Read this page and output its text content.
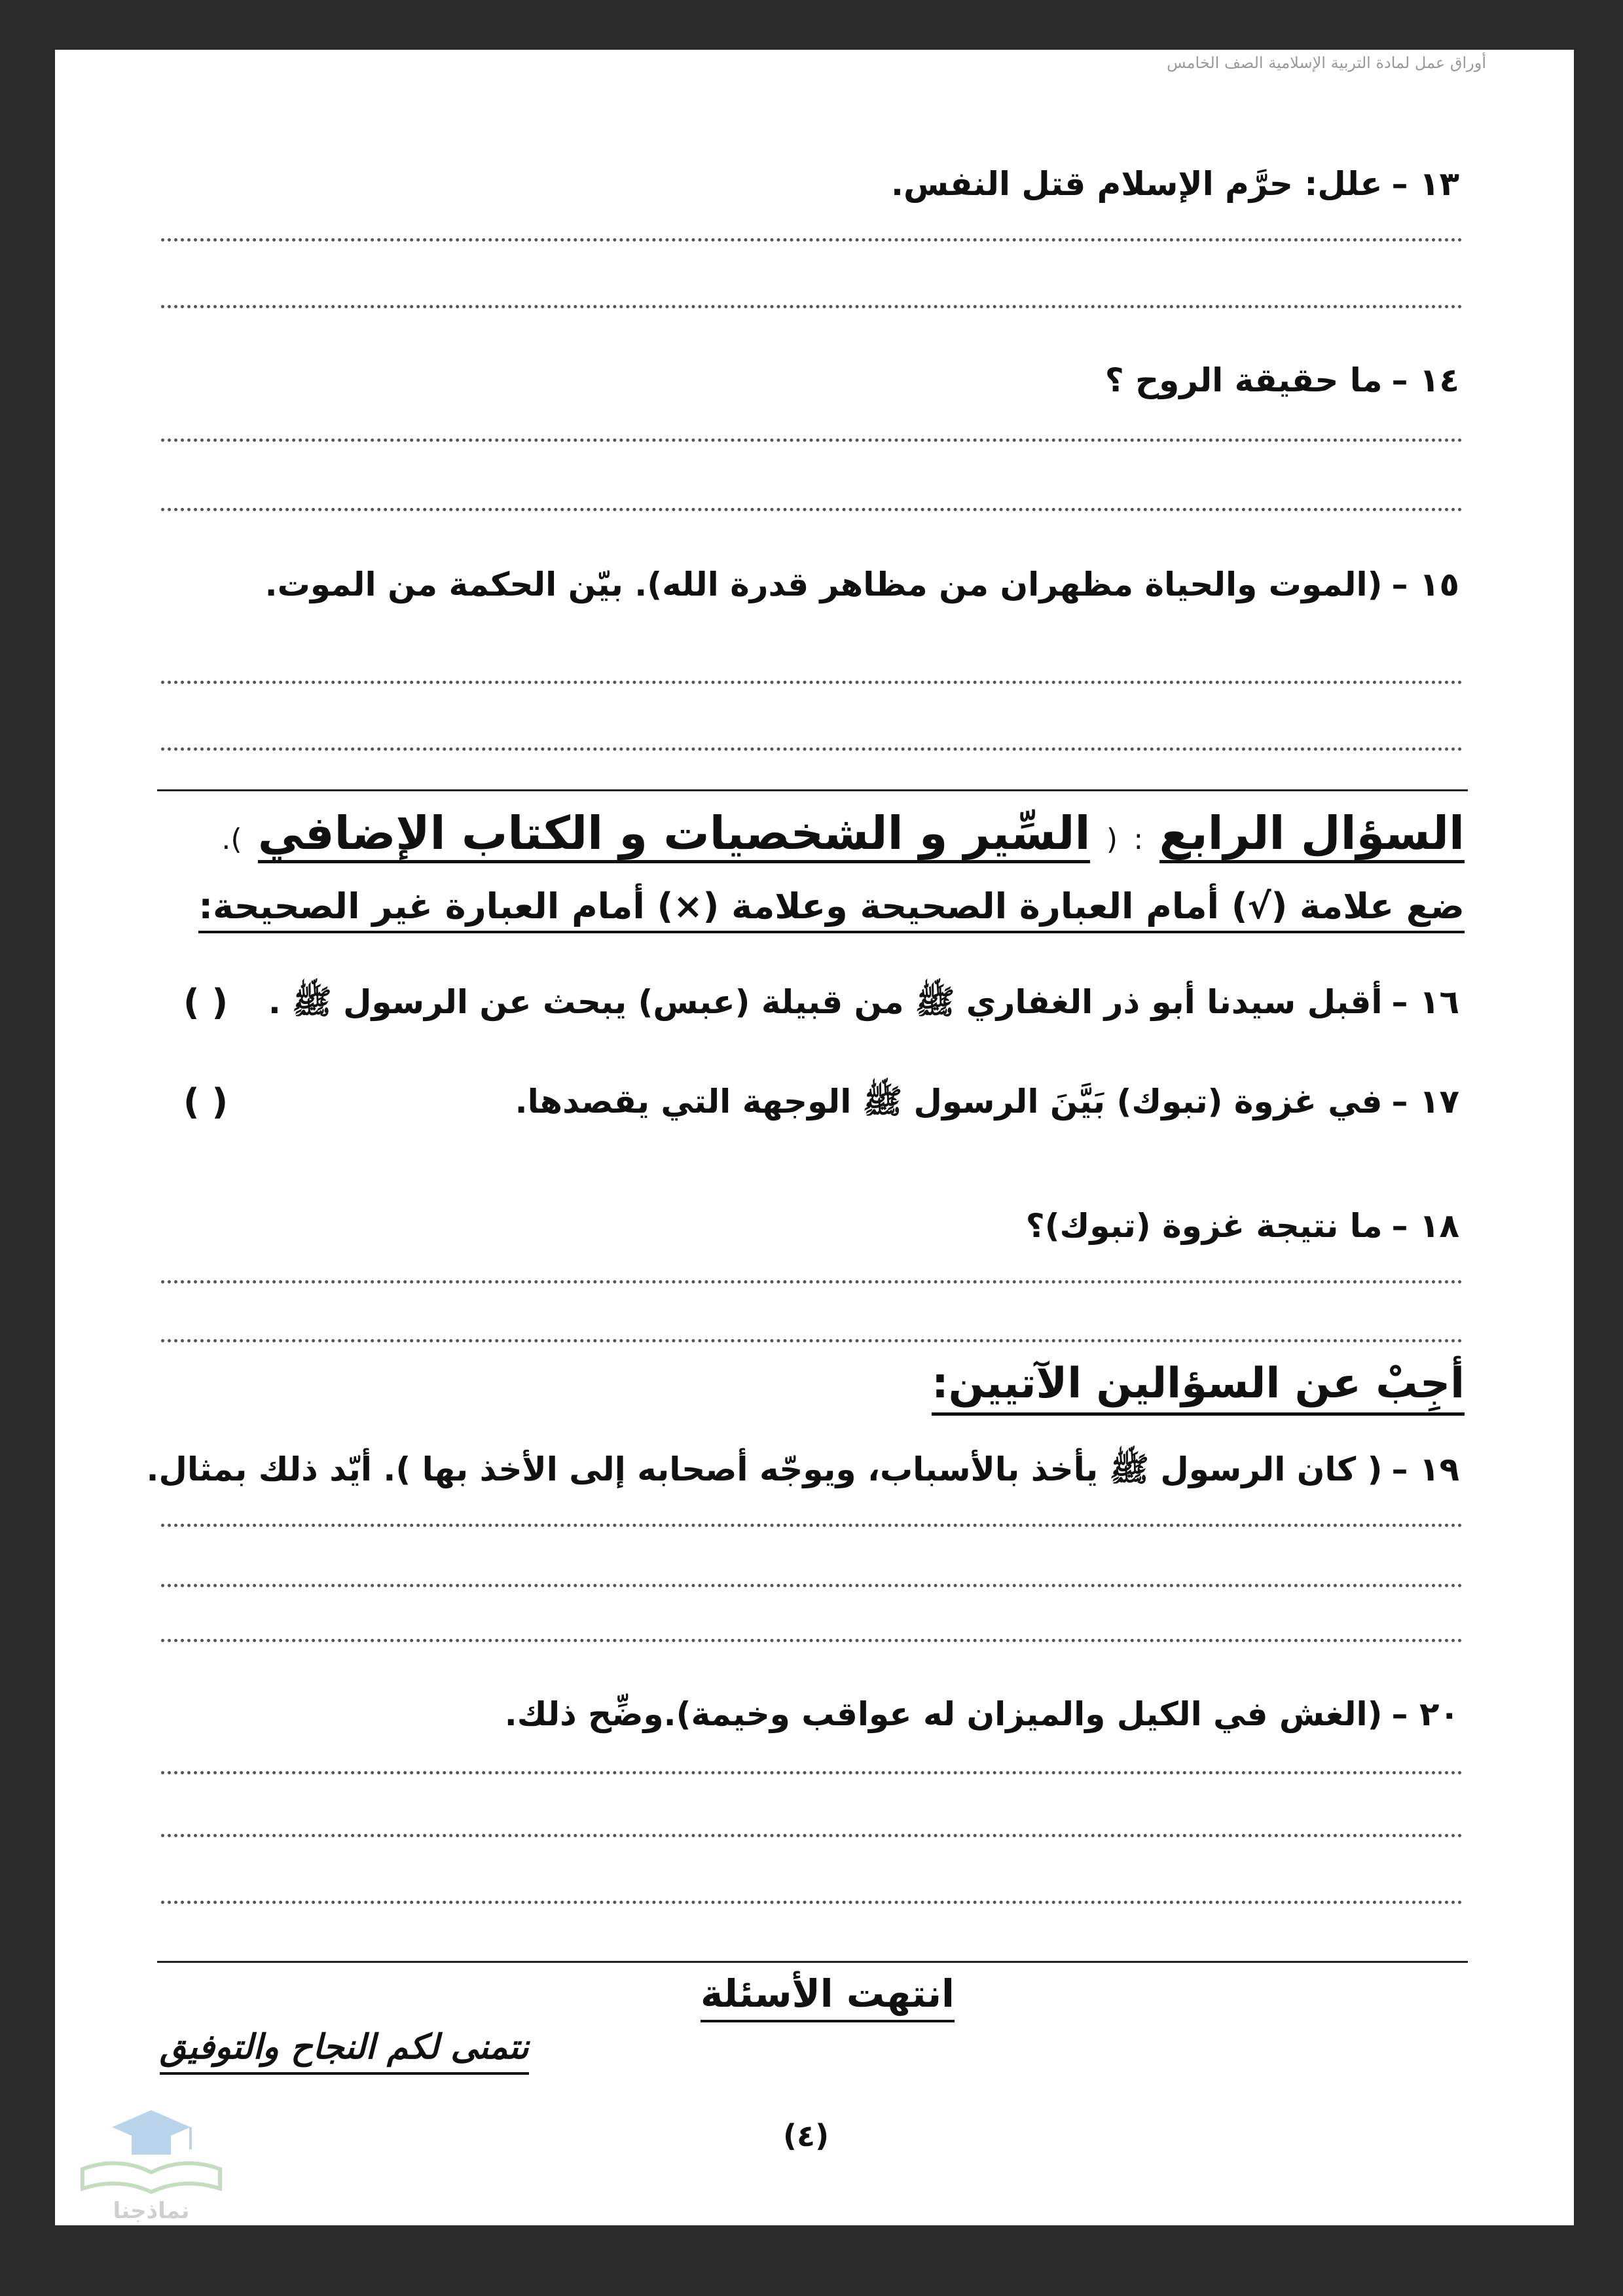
أوراق عمل لمادة التربية الإسلامية الصف الخامس
١٣ –علل: حرَّم الإسلام قتل النفس.
١٤ –ما حقيقة الروح ؟
١٥ –(الموت والحياة مظهران من مظاهر قدرة الله). بيّن الحكمة من الموت.
السؤال الرابع : ( السِّير و الشخصيات و الكتاب الإضافي ).
ضع علامة (√) أمام العبارة الصحيحة وعلامة (×) أمام العبارة غير الصحيحة:
١٦ –أقبل سيدنا أبو ذر الغفاري ﷺ من قبيلة (عبس) يبحث عن الرسول ﷺ .
( )
١٧ –في غزوة (تبوك) بَيَّنَ الرسول ﷺ الوجهة التي يقصدها.
( )
١٨ –ما نتيجة غزوة (تبوك)؟
أجِبْ عن السؤالين الآتيين:
١٩ –( كان الرسول ﷺ يأخذ بالأسباب، ويوجّه أصحابه إلى الأخذ بها ). أيّد ذلك بمثال.
٢٠ –(الغش في الكيل والميزان له عواقب وخيمة).وضِّح ذلك.
انتهت الأسئلة
نتمنى لكم النجاح والتوفيق
(٤)
نماذجنا
